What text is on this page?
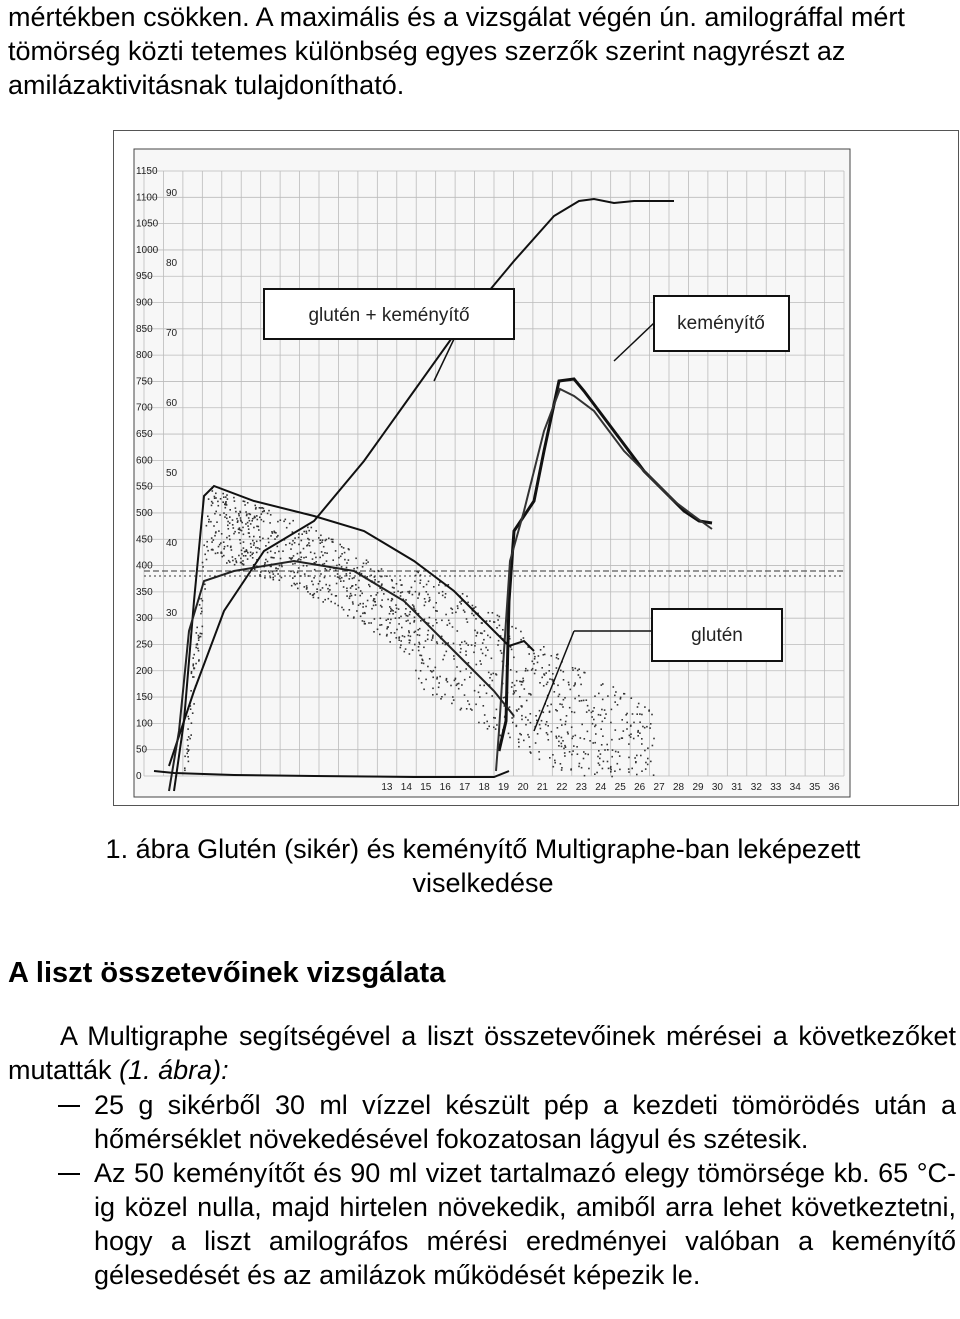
mértékben csökken. A maximális és a vizsgálat végén ún. amilográffal mért tömörség közti tetemes különbség egyes szerzők szerint nagyrészt az amilázaktivitásnak tulajdonítható.

1150
1100
1050
1000
950
900
850
800
750
700
650
600
550
500
450
400
350
300
250
200
150
100
50
0
90
80
70
60
50
40
30
13 14 15 16 17 18 19 20 21 22 23 24 25 26 27 28 29 30 31 32 33 34 35 36
glutén + keményítő	keményítő
glutén
1. ábra Glutén (sikér) és keményítő Multigraphe-ban leképezett viselkedése
A liszt összetevőinek vizsgálata

A Multigraphe segítségével a liszt összetevőinek mérései a következőket mutatták (1. ábra):

25 g sikérből 30 ml vízzel készült pép a kezdeti tömörödés után a hőmérséklet növekedésével fokozatosan lágyul és szétesik.
Az 50 keményítőt és 90 ml vizet tartalmazó elegy tömörsége kb. 65 °C-ig közel nulla, majd hirtelen növekedik, amiből arra lehet következtetni, hogy a liszt amilográfos mérési eredményei valóban a keményítő gélesedését és az amilázok működését képezik le.
